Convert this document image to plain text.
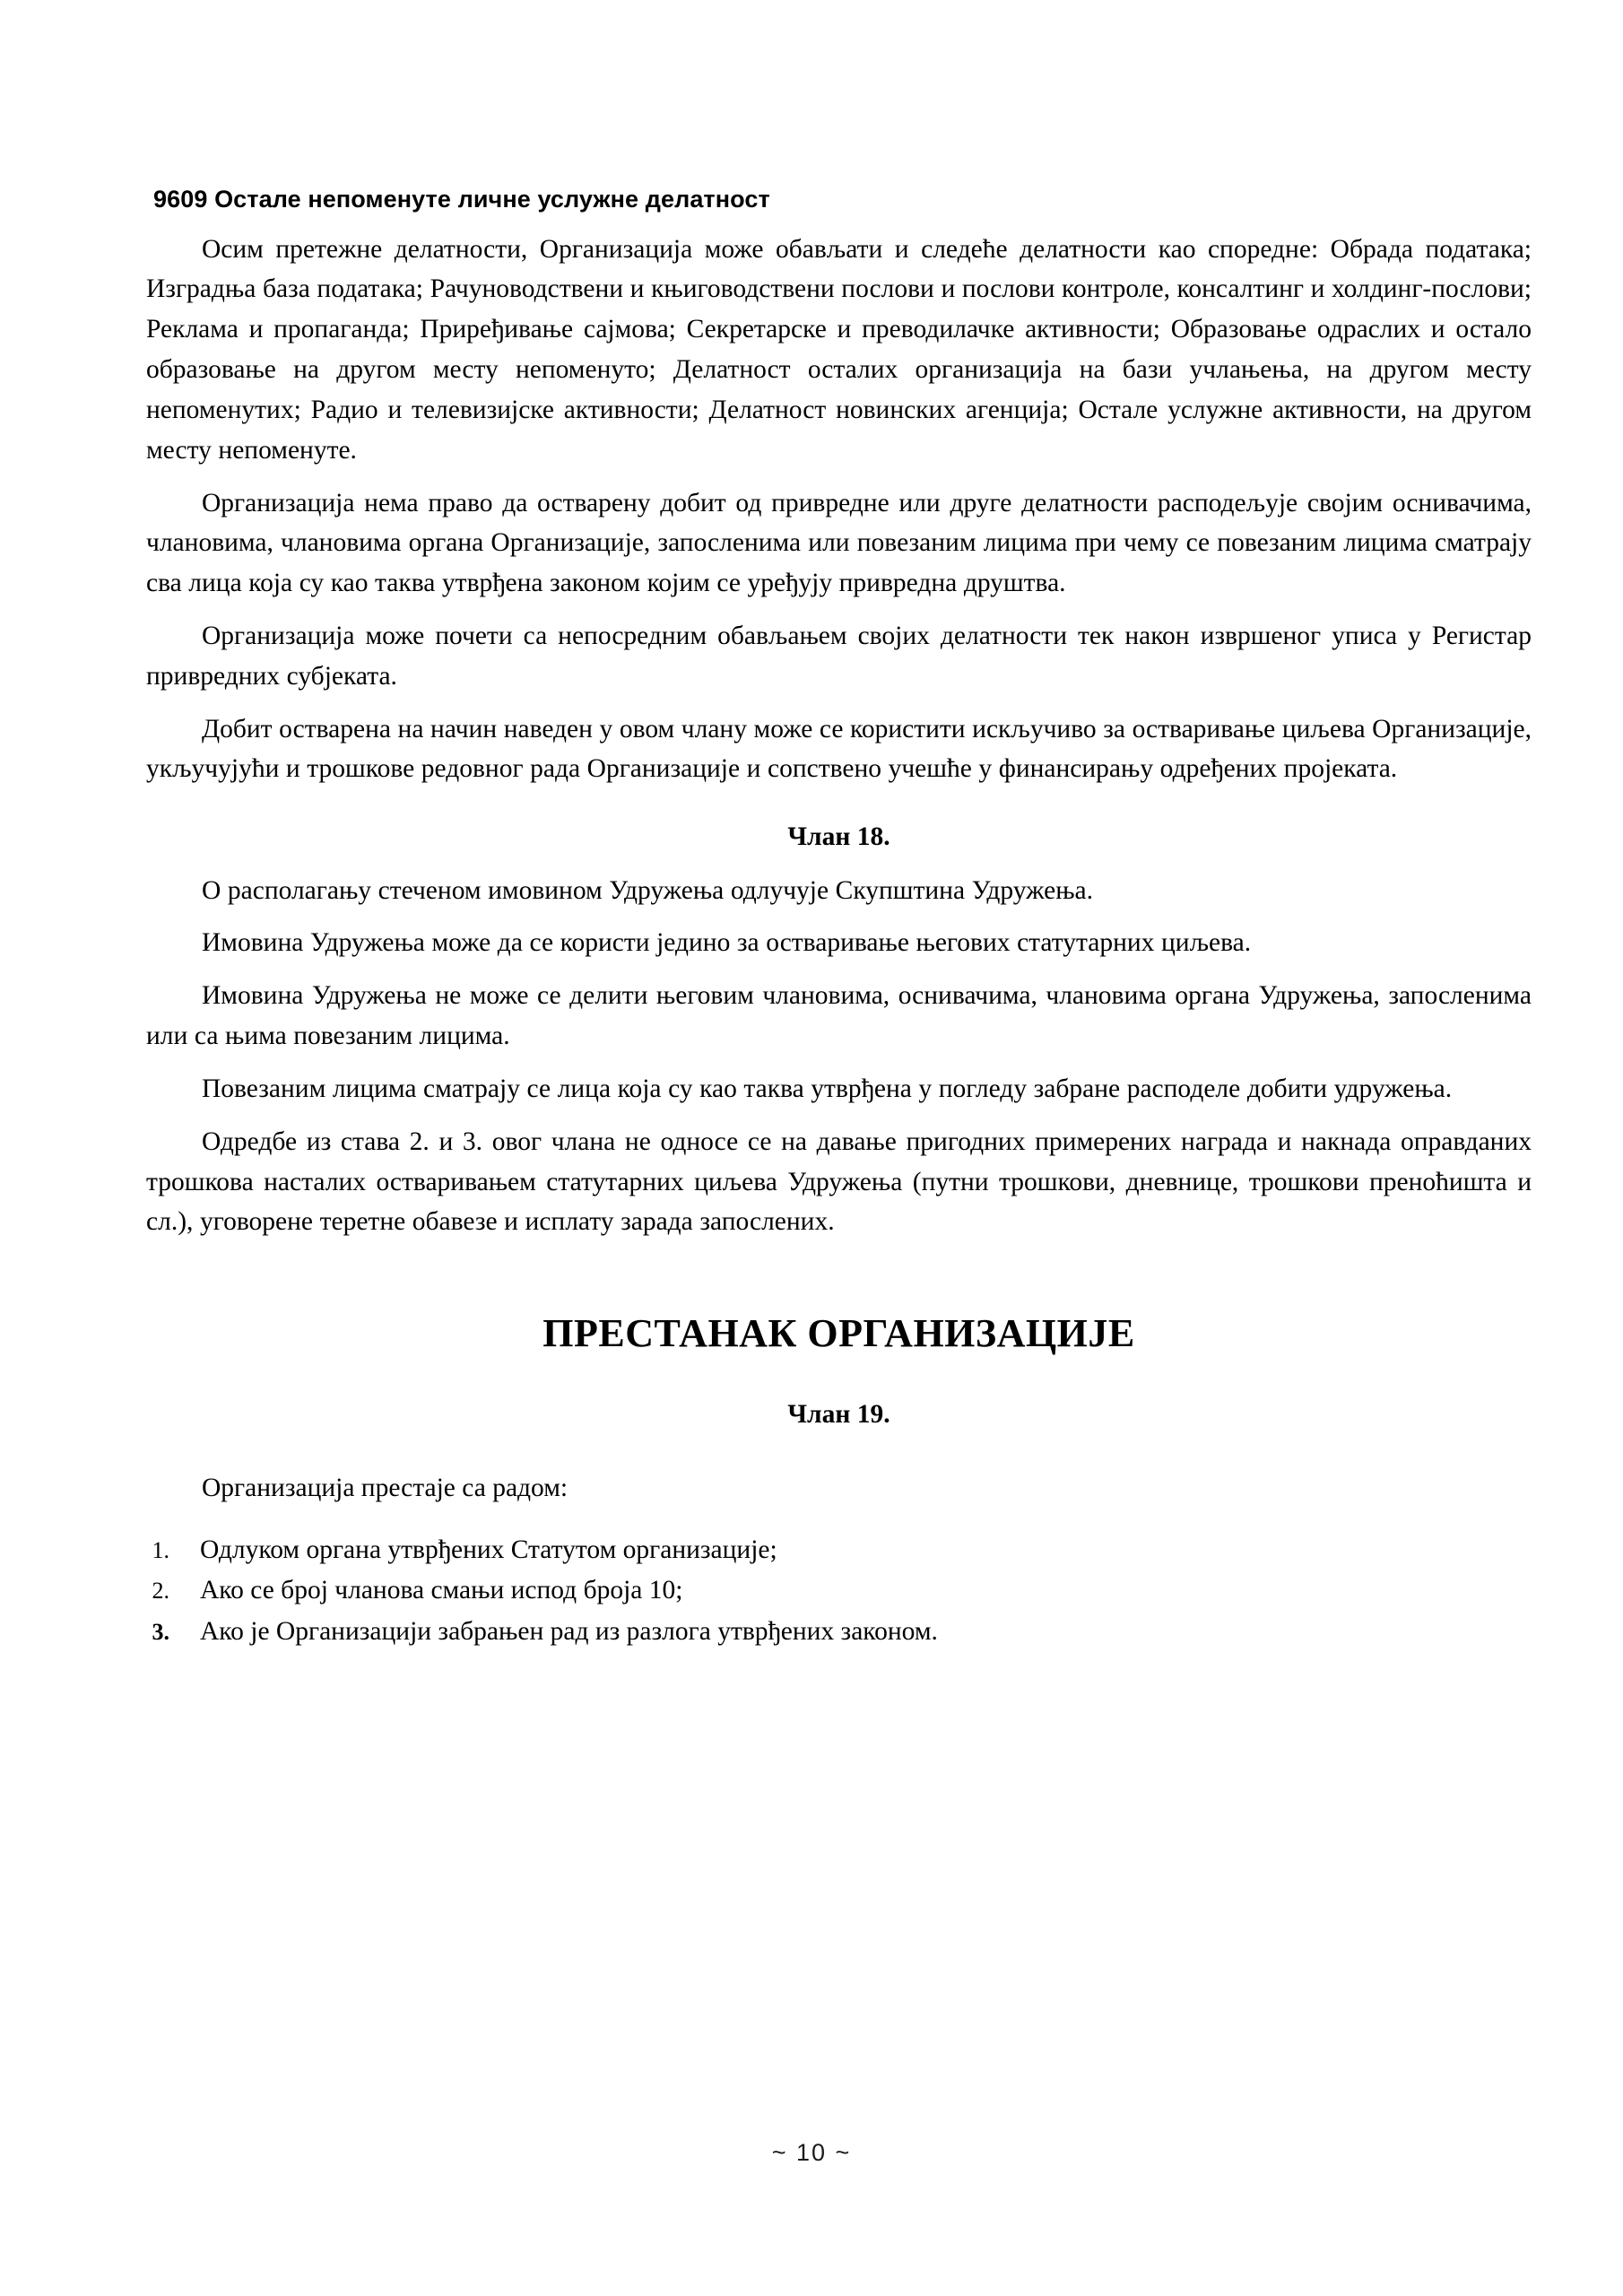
9609 Остале непоменуте личне услужне делатност

Осим претежне делатности, Организација може обављати и следеће делатности као споредне: Обрада података; Изградња база података; Рачуноводствени и књиговодствени послови и послови контроле, консалтинг и холдинг-послови; Реклама и пропаганда; Приређивање сајмова; Секретарске и преводилачке активности; Образовање одраслих и остало образовање на другом месту непоменуто; Делатност осталих организација на бази учлањења, на другом месту непоменутих; Радио и телевизијске активности; Делатност новинских агенција; Остале услужне активности, на другом месту непоменуте.

Организација нема право да остварену добит од привредне или друге делатности расподељује својим оснивачима, члановима, члановима органа Организације, запосленима или повезаним лицима при чему се повезаним лицима сматрају сва лица која су као таква утврђена законом којим се уређују привредна друштва.

Организација може почети са непосредним обављањем својих делатности тек након извршеног уписа у Регистар привредних субјеката.

Добит остварена на начин наведен у овом члану може се користити искључиво за остваривање циљева Организације, укључујући и трошкове редовног рада Организације и сопствено учешће у финансирању одређених пројеката.

Члан 18.

О располагању стеченом имовином Удружења одлучује Скупштина Удружења.

Имовина Удружења може да се користи једино за остваривање његових статутарних циљева.

Имовина Удружења не може се делити његовим члановима, оснивачима, члановима органа Удружења, запосленима или са њима повезаним лицима.

Повезаним лицима сматрају се лица која су као таква утврђена у погледу забране расподеле добити удружења.

Одредбе из става 2. и 3. овог члана не односе се на давање пригодних примерених награда и накнада оправданих трошкова насталих остваривањем статутарних циљева Удружења (путни трошкови, дневнице, трошкови преноћишта и сл.), уговорене теретне обавезе и исплату зарада запослених.

ПРЕСТАНАК ОРГАНИЗАЦИЈЕ
Члан 19.

Организација престаје са радом:

1.	Одлуком органа утврђених Статутом организације;
2.	Ако се број чланова смањи испод броја 10;
3.	Ако је Организацији забрањен рад из разлога утврђених законом.
~ 10 ~
